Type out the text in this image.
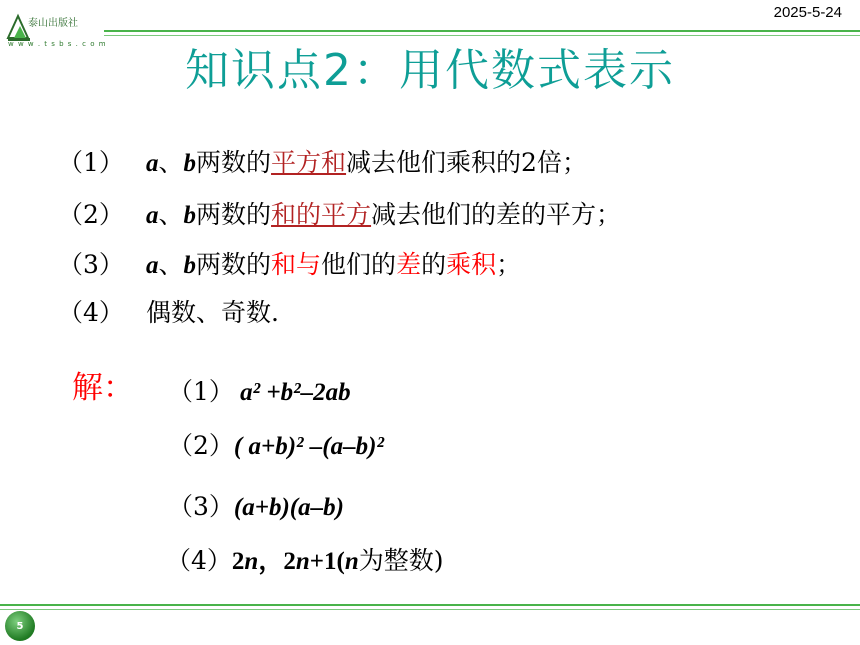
泰山出版社
w w w . t s b s . c o m
2025-5-24
知识点2：用代数式表示
（1） a、b两数的平方和减去他们乘积的2倍；
（2） a、b两数的和的平方减去他们的差的平方；
（3） a、b两数的和与他们的差的乘积；
（4） 偶数、奇数.
解： （1） a² +b²–2ab
（2）( a+b)² –(a–b)²
（3）(a+b)(a–b)
（4）2n，2n+1(n为整数)
5
